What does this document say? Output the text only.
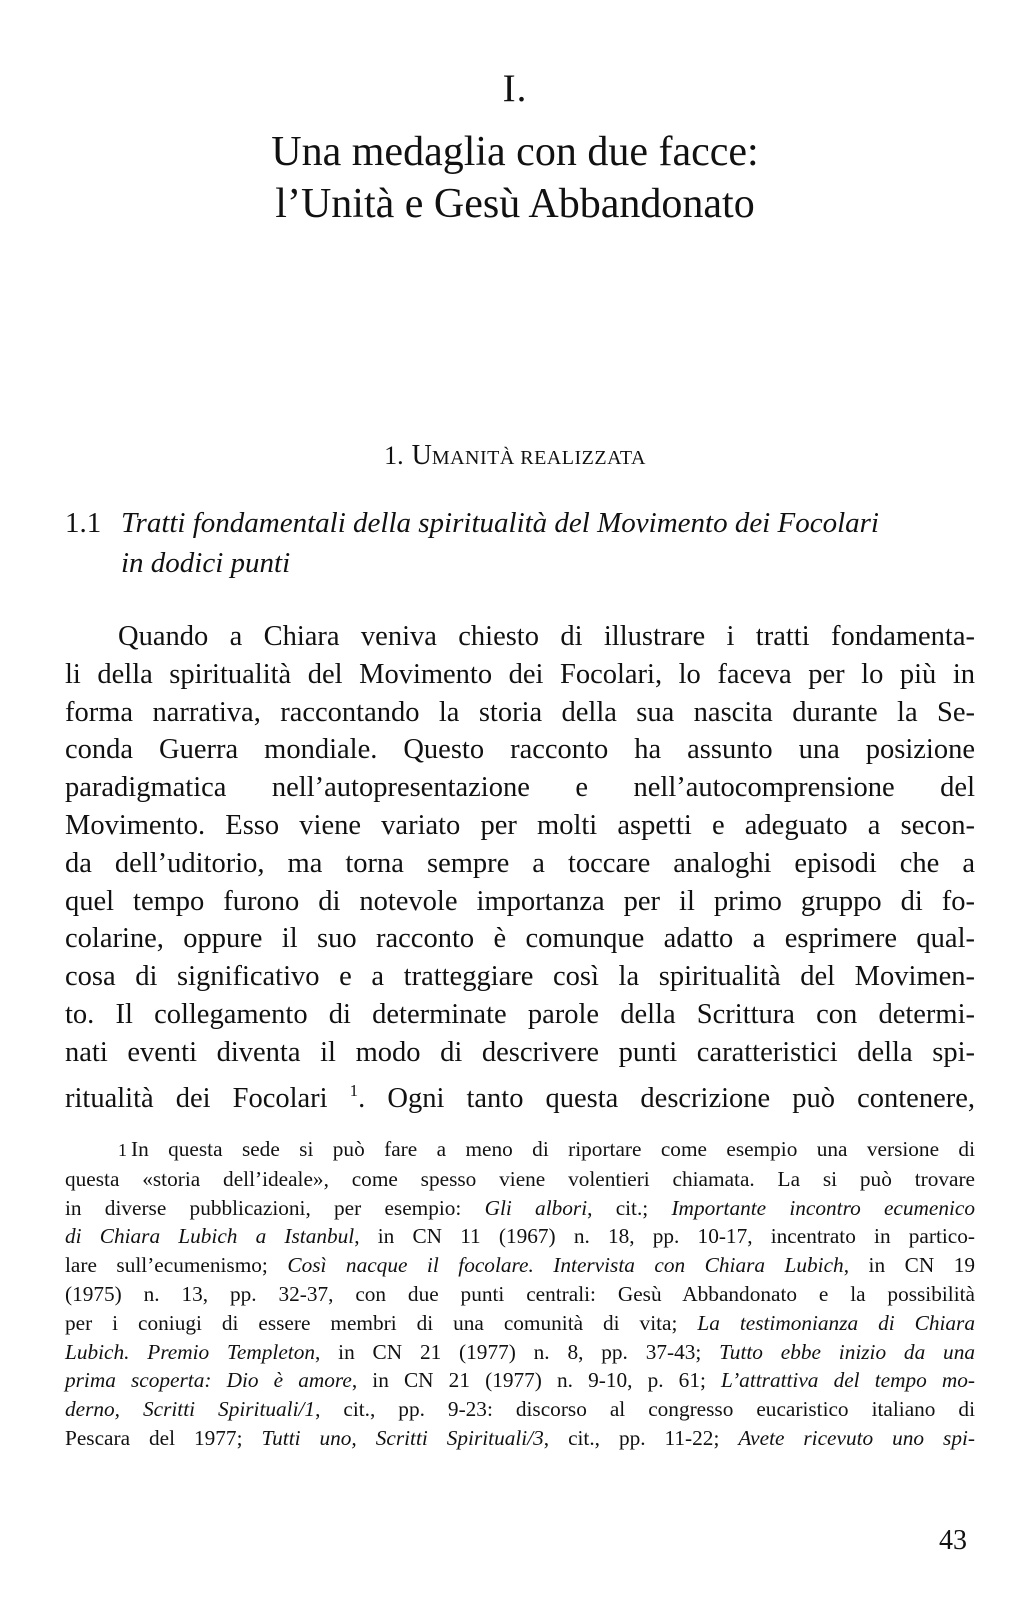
I.
Una medaglia con due facce:
l’Unità e Gesù Abbandonato
1. UMANITÀ REALIZZATA
1.1 Tratti fondamentali della spiritualità del Movimento dei Focolari
in dodici punti
Quando a Chiara veniva chiesto di illustrare i tratti fondamenta-
li della spiritualità del Movimento dei Focolari, lo faceva per lo più in
forma narrativa, raccontando la storia della sua nascita durante la Se-
conda Guerra mondiale. Questo racconto ha assunto una posizione
paradigmatica nell’autopresentazione e nell’autocomprensione del
Movimento. Esso viene variato per molti aspetti e adeguato a secon-
da dell’uditorio, ma torna sempre a toccare analoghi episodi che a
quel tempo furono di notevole importanza per il primo gruppo di fo-
colarine, oppure il suo racconto è comunque adatto a esprimere qual-
cosa di significativo e a tratteggiare così la spiritualità del Movimen-
to. Il collegamento di determinate parole della Scrittura con determi-
nati eventi diventa il modo di descrivere punti caratteristici della spi-
ritualità dei Focolari $^1$. Ogni tanto questa descrizione può contenere,
1 In questa sede si può fare a meno di riportare come esempio una versione di
questa «storia dell’ideale», come spesso viene volentieri chiamata. La si può trovare
in diverse pubblicazioni, per esempio: Gli albori, cit.; Importante incontro ecumenico
di Chiara Lubich a Istanbul, in CN 11 (1967) n. 18, pp. 10-17, incentrato in partico-
lare sull’ecumenismo; Così nacque il focolare. Intervista con Chiara Lubich, in CN 19
(1975) n. 13, pp. 32-37, con due punti centrali: Gesù Abbandonato e la possibilità
per i coniugi di essere membri di una comunità di vita; La testimonianza di Chiara
Lubich. Premio Templeton, in CN 21 (1977) n. 8, pp. 37-43; Tutto ebbe inizio da una
prima scoperta: Dio è amore, in CN 21 (1977) n. 9-10, p. 61; L’attrattiva del tempo mo-
derno, Scritti Spirituali/1, cit., pp. 9-23: discorso al congresso eucaristico italiano di
Pescara del 1977; Tutti uno, Scritti Spirituali/3, cit., pp. 11-22; Avete ricevuto uno spi-
43
